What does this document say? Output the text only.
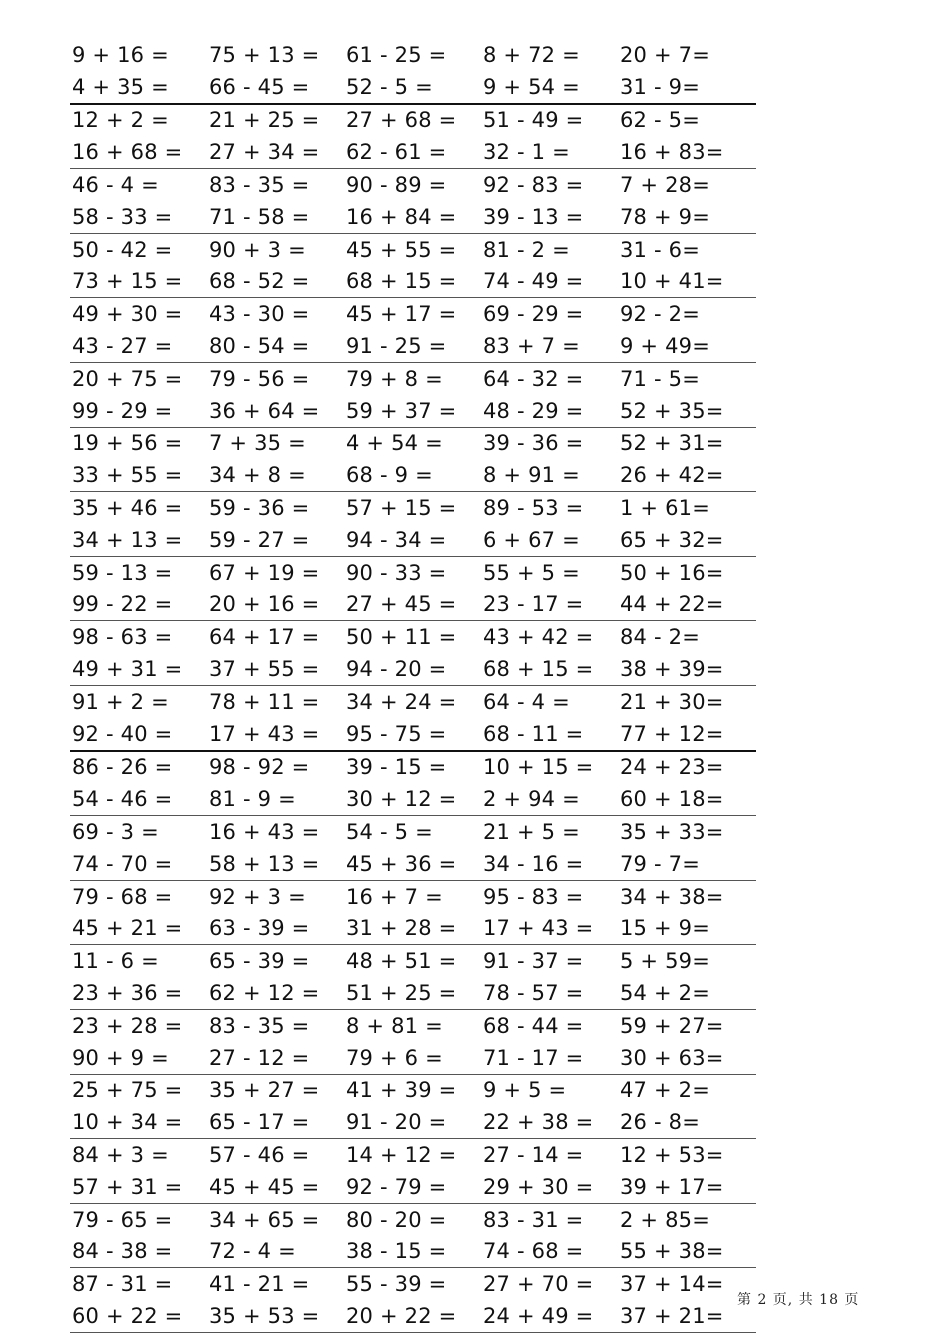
9 + 16 =	75 + 13 =	61 - 25 =	8 + 72 =	20 + 7=
4 + 35 =	66 - 45 =	52 - 5 =	9 + 54 =	31 - 9=
12 + 2 =	21 + 25 =	27 + 68 =	51 - 49 =	62 - 5=
16 + 68 =	27 + 34 =	62 - 61 =	32 - 1 =	16 + 83=
46 - 4 =	83 - 35 =	90 - 89 =	92 - 83 =	7 + 28=
58 - 33 =	71 - 58 =	16 + 84 =	39 - 13 =	78 + 9=
50 - 42 =	90 + 3 =	45 + 55 =	81 - 2 =	31 - 6=
73 + 15 =	68 - 52 =	68 + 15 =	74 - 49 =	10 + 41=
49 + 30 =	43 - 30 =	45 + 17 =	69 - 29 =	92 - 2=
43 - 27 =	80 - 54 =	91 - 25 =	83 + 7 =	9 + 49=
20 + 75 =	79 - 56 =	79 + 8 =	64 - 32 =	71 - 5=
99 - 29 =	36 + 64 =	59 + 37 =	48 - 29 =	52 + 35=
19 + 56 =	7 + 35 =	4 + 54 =	39 - 36 =	52 + 31=
33 + 55 =	34 + 8 =	68 - 9 =	8 + 91 =	26 + 42=
35 + 46 =	59 - 36 =	57 + 15 =	89 - 53 =	1 + 61=
34 + 13 =	59 - 27 =	94 - 34 =	6 + 67 =	65 + 32=
59 - 13 =	67 + 19 =	90 - 33 =	55 + 5 =	50 + 16=
99 - 22 =	20 + 16 =	27 + 45 =	23 - 17 =	44 + 22=
98 - 63 =	64 + 17 =	50 + 11 =	43 + 42 =	84 - 2=
49 + 31 =	37 + 55 =	94 - 20 =	68 + 15 =	38 + 39=
91 + 2 =	78 + 11 =	34 + 24 =	64 - 4 =	21 + 30=
92 - 40 =	17 + 43 =	95 - 75 =	68 - 11 =	77 + 12=
86 - 26 =	98 - 92 =	39 - 15 =	10 + 15 =	24 + 23=
54 - 46 =	81 - 9 =	30 + 12 =	2 + 94 =	60 + 18=
69 - 3 =	16 + 43 =	54 - 5 =	21 + 5 =	35 + 33=
74 - 70 =	58 + 13 =	45 + 36 =	34 - 16 =	79 - 7=
79 - 68 =	92 + 3 =	16 + 7 =	95 - 83 =	34 + 38=
45 + 21 =	63 - 39 =	31 + 28 =	17 + 43 =	15 + 9=
11 - 6 =	65 - 39 =	48 + 51 =	91 - 37 =	5 + 59=
23 + 36 =	62 + 12 =	51 + 25 =	78 - 57 =	54 + 2=
23 + 28 =	83 - 35 =	8 + 81 =	68 - 44 =	59 + 27=
90 + 9 =	27 - 12 =	79 + 6 =	71 - 17 =	30 + 63=
25 + 75 =	35 + 27 =	41 + 39 =	9 + 5 =	47 + 2=
10 + 34 =	65 - 17 =	91 - 20 =	22 + 38 =	26 - 8=
84 + 3 =	57 - 46 =	14 + 12 =	27 - 14 =	12 + 53=
57 + 31 =	45 + 45 =	92 - 79 =	29 + 30 =	39 + 17=
79 - 65 =	34 + 65 =	80 - 20 =	83 - 31 =	2 + 85=
84 - 38 =	72 - 4 =	38 - 15 =	74 - 68 =	55 + 38=
87 - 31 =	41 - 21 =	55 - 39 =	27 + 70 =	37 + 14=
60 + 22 =	35 + 53 =	20 + 22 =	24 + 49 =	37 + 21=
第 2 页, 共 18 页
